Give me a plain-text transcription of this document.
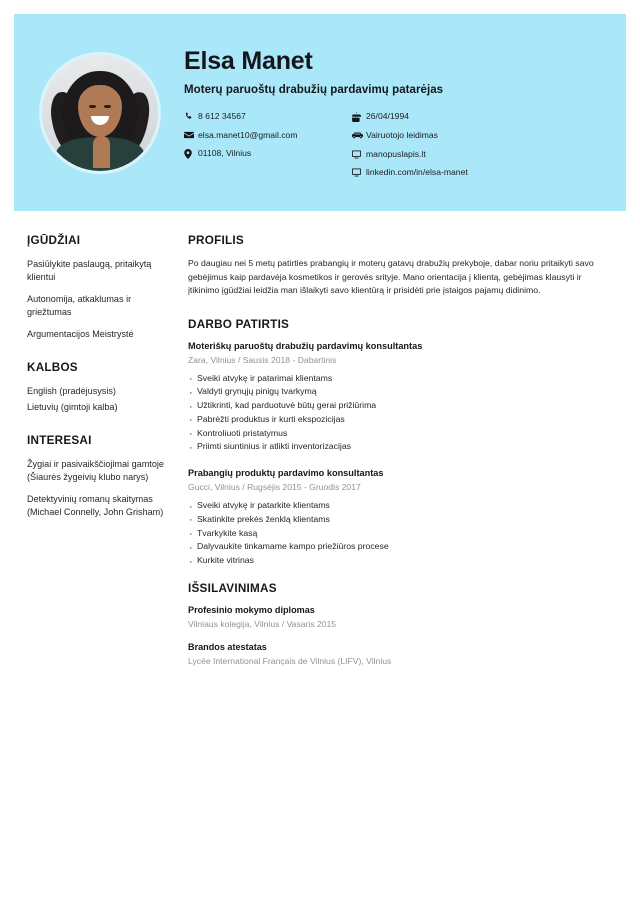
Elsa Manet
Moterų paruoštų drabužių pardavimų patarėjas
8 612 34567
elsa.manet10@gmail.com
01108, Vilnius
26/04/1994
Vairuotojo leidimas
manopuslapis.lt
linkedin.com/in/elsa-manet
ĮGŪDŽIAI
Pasiūlykite paslaugą, pritaikytą klientui
Autonomija, atkaklumas ir griežtumas
Argumentacijos Meistrystė
KALBOS
English (pradėjusysis)
Lietuvių (gimtoji kalba)
INTERESAI
Žygiai ir pasivaikščiojimai gamtoje (Šiaurės žygeivių klubo narys)
Detektyvinių romanų skaitymas (Michael Connelly, John Grisham)
PROFILIS
Po daugiau nei 5 metų patirties prabangių ir moterų gatavų drabužių prekyboje, dabar noriu pritaikyti savo gebėjimus kaip pardavėja kosmetikos ir gerovės srityje. Mano orientacija į klientą, gebėjimas klausyti ir įtikinimo įgūdžiai leidžia man išlaikyti savo klientūrą ir prisidėti prie įstaigos pajamų didinimo.
DARBO PATIRTIS
Moteriškų paruoštų drabužių pardavimų konsultantas
Zara, Vilnius / Sausis 2018 - Dabartinis
· Sveiki atvykę ir patarimai klientams
· Valdyti grynųjų pinigų tvarkymą
· Užtikrinti, kad parduotuvė būtų gerai prižiūrima
· Pabrėžti produktus ir kurti ekspozicijas
· Kontroliuoti pristatymus
· Priimti siuntinius ir atlikti inventorizacijas
Prabangių produktų pardavimo konsultantas
Gucci, Vilnius / Rugsėjis 2015 - Gruodis 2017
· Sveiki atvykę ir patarkite klientams
· Skatinkite prekės ženklą klientams
· Tvarkykite kasą
· Dalyvaukite tinkamame kampo priežiūros procese
· Kurkite vitrinas
IŠSILAVINIMAS
Profesinio mokymo diplomas
Vilniaus kolegija, Vilnius / Vasaris 2015
Brandos atestatas
Lycée International Français de Vilnius (LIFV), Vilnius
